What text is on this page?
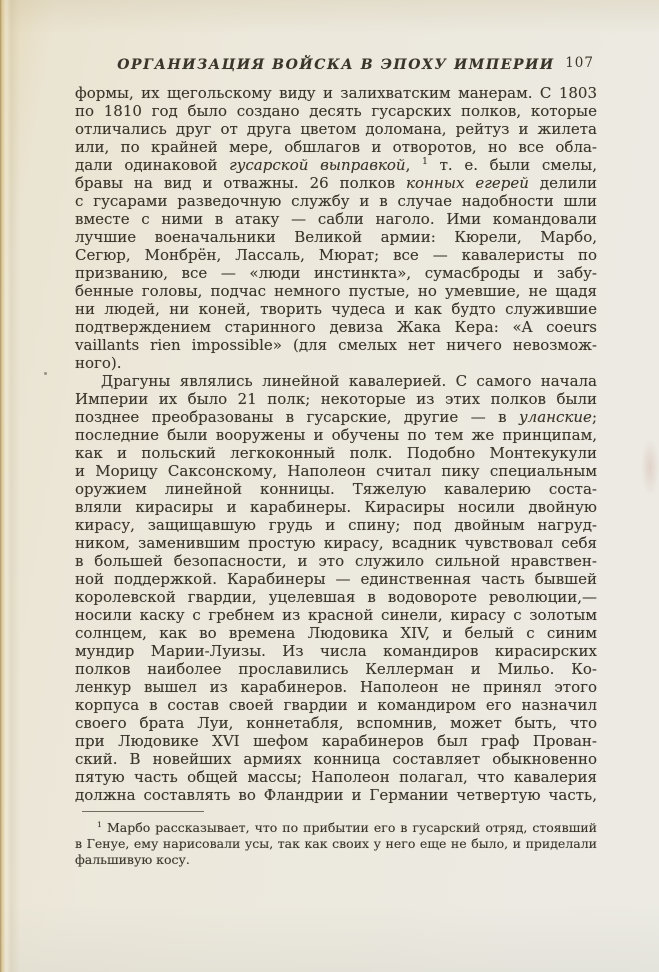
ОРГАНИЗАЦИЯ ВОЙСКА В ЭПОХУ ИМПЕРИИ 107
формы, их щегольскому виду и залихватским манерам. С 1803
по 1810 год было создано десять гусарских полков, которые
отличались друг от друга цветом доломана, рейтуз и жилета
или, по крайней мере, обшлагов и отворотов, но все обла-
дали одинаковой гусарской выправкой, $^1$ т. е. были смелы,
бравы на вид и отважны. 26 полков конных егерей делили
с гусарами разведочную службу и в случае надобности шли
вместе с ними в атаку — сабли наголо. Ими командовали
лучшие военачальники Великой армии: Кюрели, Марбо,
Сегюр, Монбрён, Лассаль, Мюрат; все — кавалеристы по
призванию, все — «люди инстинкта», сумасброды и забу-
бенные головы, подчас немного пустые, но умевшие, не щадя
ни людей, ни коней, творить чудеса и как будто служившие
подтверждением старинного девиза Жака Кера: «A coeurs
vaillants rien impossible» (для смелых нет ничего невозмож-
ного).
Драгуны являлись линейной кавалерией. С самого начала
Империи их было 21 полк; некоторые из этих полков были
позднее преобразованы в гусарские, другие — в уланские;
последние были вооружены и обучены по тем же принципам,
как и польский легкоконный полк. Подобно Монтекукули
и Морицу Саксонскому, Наполеон считал пику специальным
оружием линейной конницы. Тяжелую кавалерию соста-
вляли кирасиры и карабинеры. Кирасиры носили двойную
кирасу, защищавшую грудь и спину; под двойным нагруд-
ником, заменившим простую кирасу, всадник чувствовал себя
в большей безопасности, и это служило сильной нравствен-
ной поддержкой. Карабинеры — единственная часть бывшей
королевской гвардии, уцелевшая в водовороте революции,—
носили каску с гребнем из красной синели, кирасу с золотым
солнцем, как во времена Людовика XIV, и белый с синим
мундир Марии-Луизы. Из числа командиров кирасирских
полков наиболее прославились Келлерман и Мильо. Ко-
ленкур вышел из карабинеров. Наполеон не принял этого
корпуса в состав своей гвардии и командиром его назначил
своего брата Луи, коннетабля, вспомнив, может быть, что
при Людовике XVI шефом карабинеров был граф Прован-
ский. В новейших армиях конница составляет обыкновенно
пятую часть общей массы; Наполеон полагал, что кавалерия
должна составлять во Фландрии и Германии четвертую часть,
$^1$ Марбо рассказывает, что по прибытии его в гусарский отряд, стоявший
в Генуе, ему нарисовали усы, так как своих у него еще не было, и приделали
фальшивую косу.
